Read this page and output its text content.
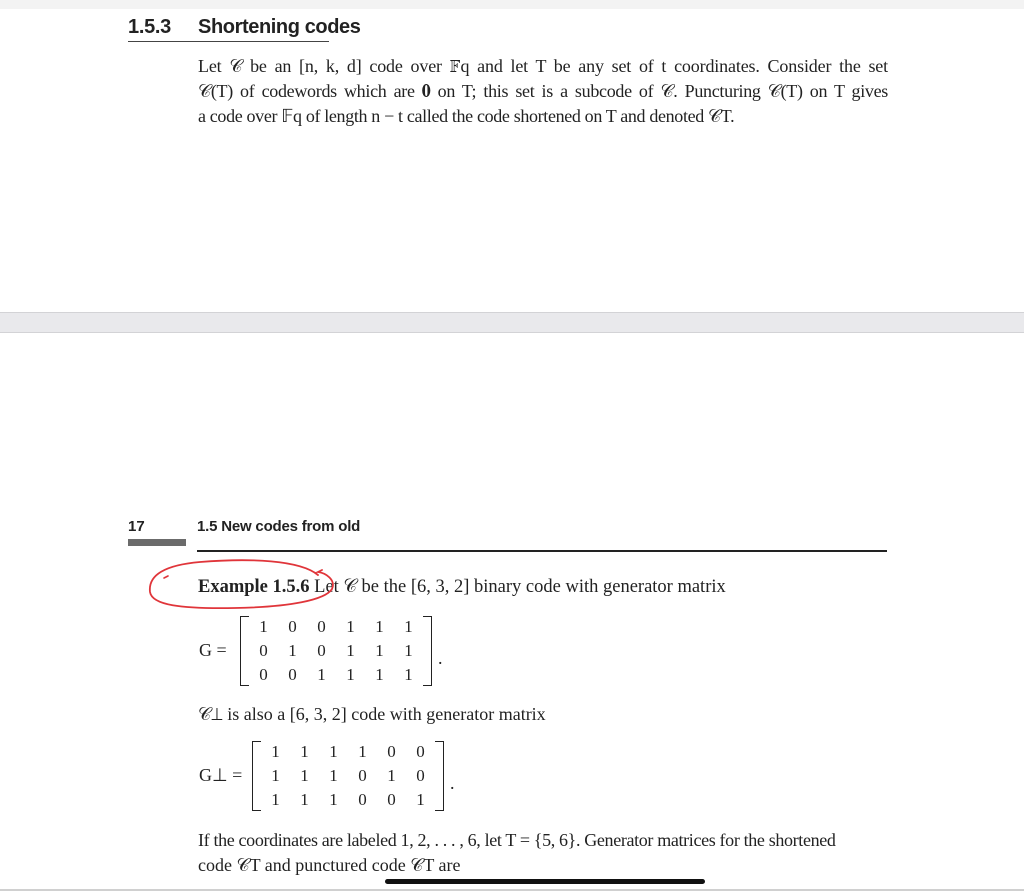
1.5.3 Shortening codes

Let 𝒞 be an [n, k, d] code over 𝔽q and let T be any set of t coordinates. Consider the set

𝒞(T) of codewords which are 𝟎 on T; this set is a subcode of 𝒞. Puncturing 𝒞(T) on T gives

a code over 𝔽q of length n − t called the code shortened on T and denoted 𝒞T.

17	1.5 New codes from old
Example 1.5.6 Let 𝒞 be the [6, 3, 2] binary code with generator matrix
G =
1	0	0	1	1	1
0	1	0	1	1	1
0	0	1	1	1	1
.
𝒞⊥ is also a [6, 3, 2] code with generator matrix
G⊥ =
1	1	1	1	0	0
1	1	1	0	1	0
1	1	1	0	0	1
.

If the coordinates are labeled 1, 2, . . . , 6, let T = {5, 6}. Generator matrices for the shortened

code 𝒞T and punctured code 𝒞T are
